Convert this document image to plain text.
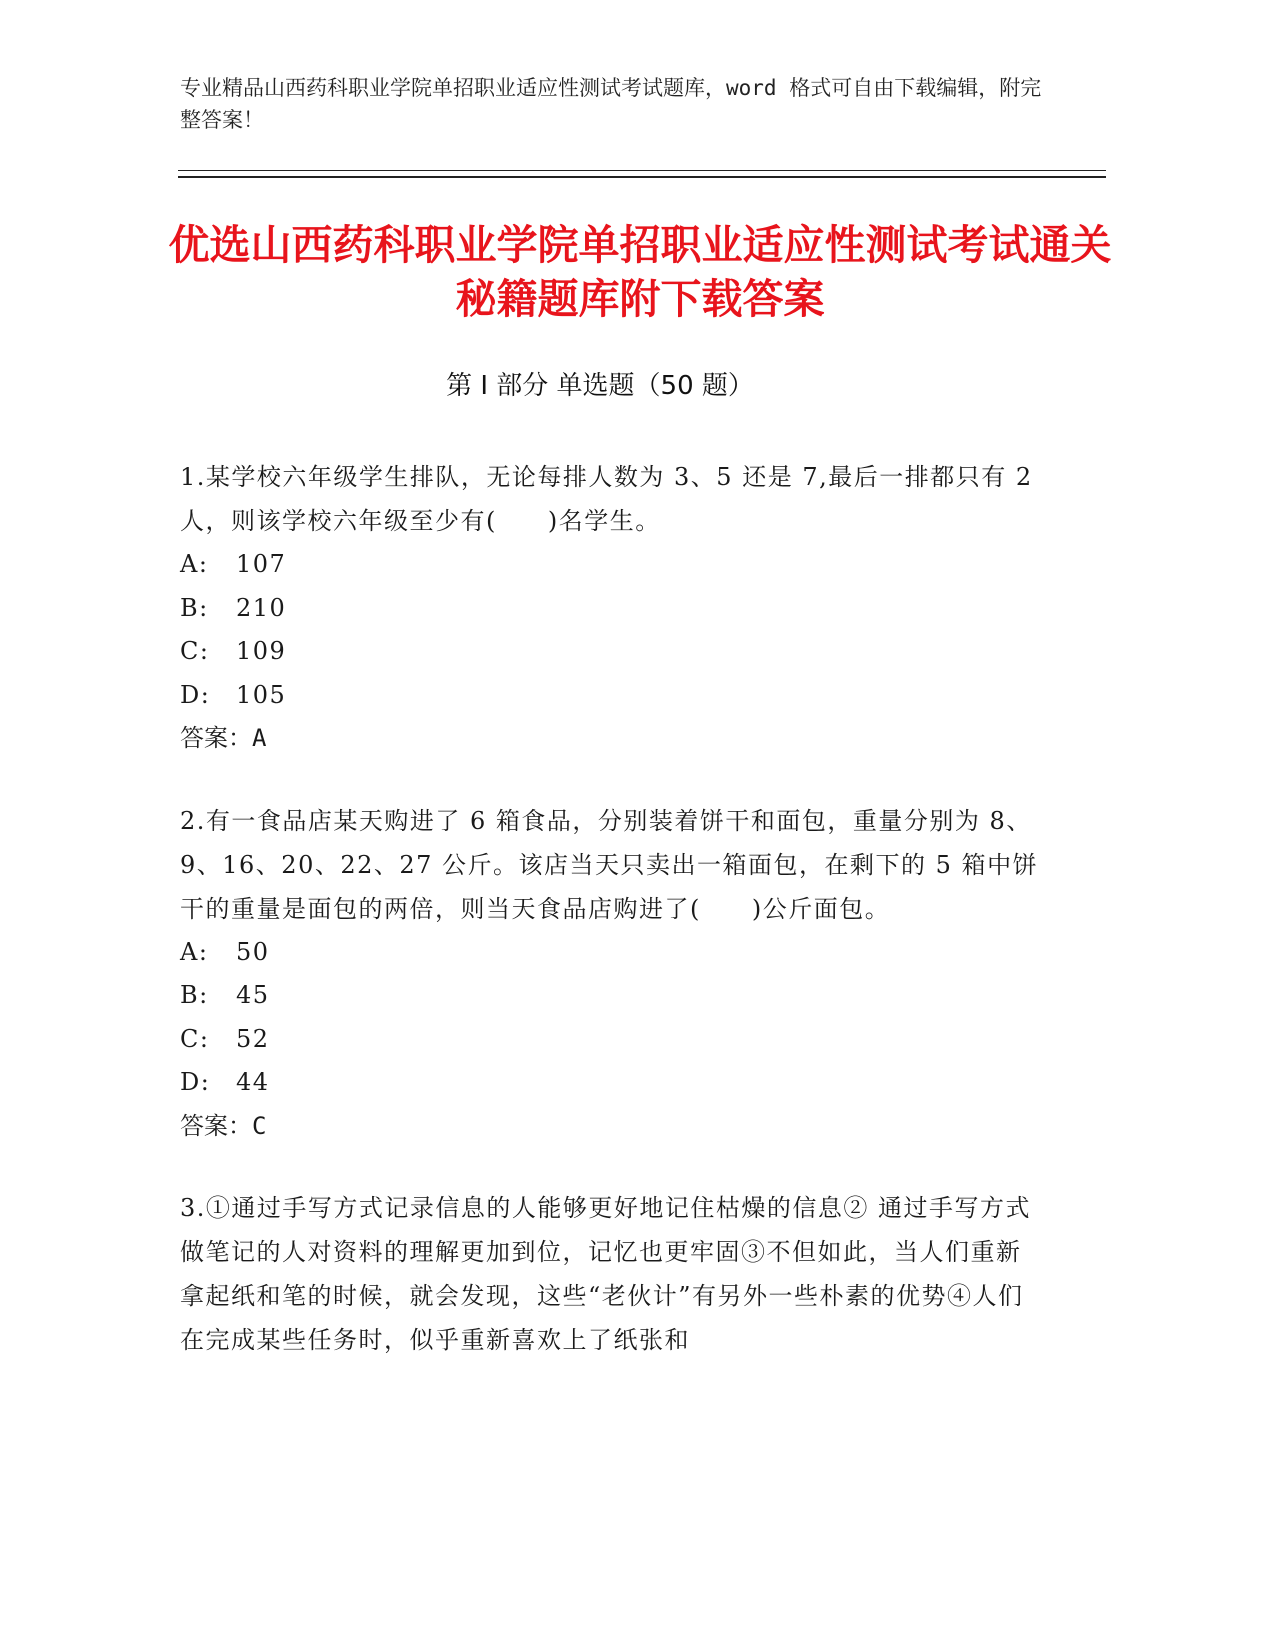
专业精品山西药科职业学院单招职业适应性测试考试题库，word 格式可自由下载编辑，附完整答案！
优选山西药科职业学院单招职业适应性测试考试通关秘籍题库附下载答案
第 I 部分 单选题（50 题）
1.某学校六年级学生排队，无论每排人数为 3、5 还是 7,最后一排都只有 2 人，则该学校六年级至少有(　　)名学生。
A:	107
B:	210
C:	109
D:	105
答案：A
2.有一食品店某天购进了 6 箱食品，分别装着饼干和面包，重量分别为 8、9、16、20、22、27 公斤。该店当天只卖出一箱面包，在剩下的 5 箱中饼干的重量是面包的两倍，则当天食品店购进了(　　)公斤面包。
A:	50
B:	45
C:	52
D:	44
答案：C
3.①通过手写方式记录信息的人能够更好地记住枯燥的信息② 通过手写方式做笔记的人对资料的理解更加到位，记忆也更牢固③不但如此，当人们重新拿起纸和笔的时候，就会发现，这些“老伙计”有另外一些朴素的优势④人们在完成某些任务时，似乎重新喜欢上了纸张和
